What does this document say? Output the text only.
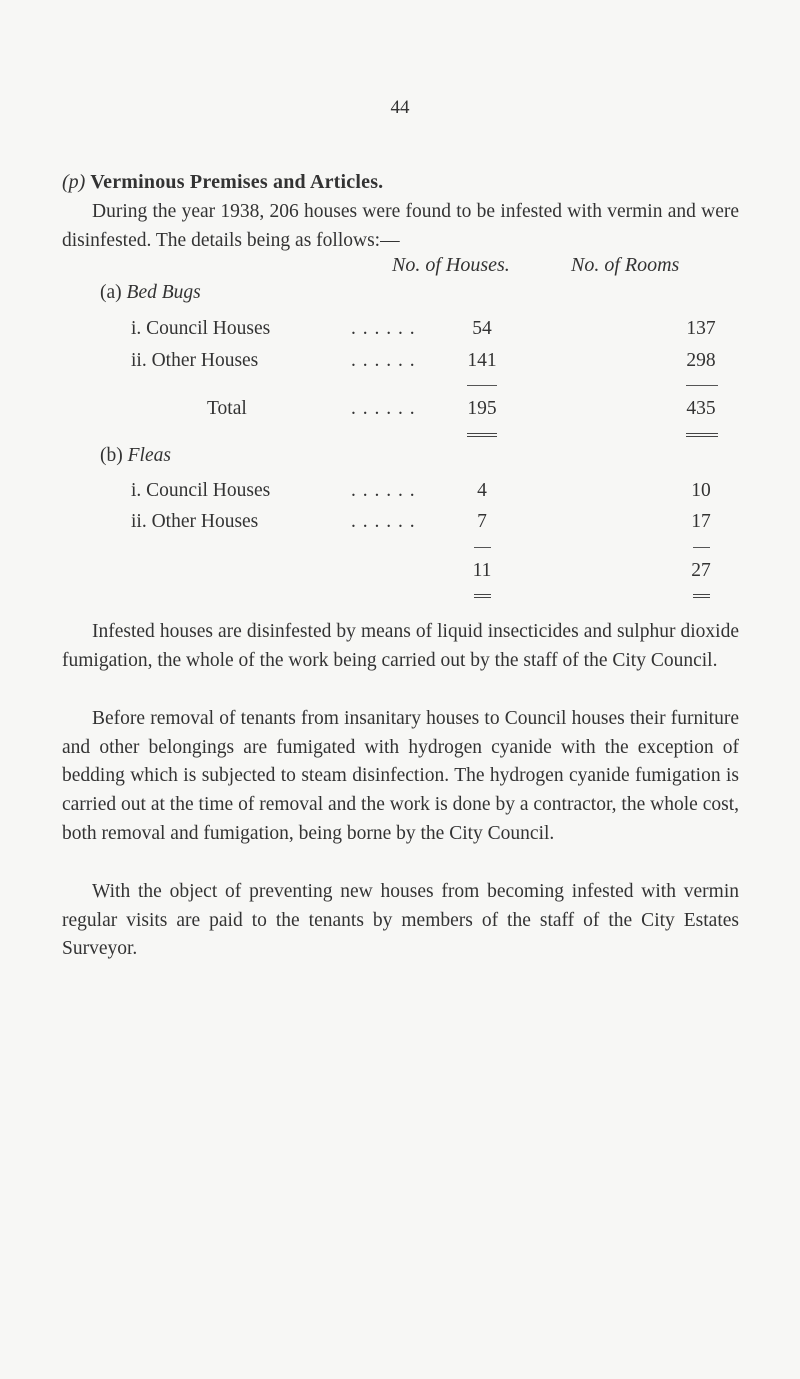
44
(p) Verminous Premises and Articles.

During the year 1938, 206 houses were found to be infested with vermin and were disinfested. The details being as follows:—

No. of Houses.	No. of Rooms
(a) Bed Bugs
i. Council Houses	. . . . . .	54	137
ii. Other Houses	. . . . . .	141	298
Total	. . . . . .	195	435
(b) Fleas
i. Council Houses	. . . . . .	4	10
ii. Other Houses	. . . . . .	7	17
11	27

Infested houses are disinfested by means of liquid insecticides and sulphur dioxide fumigation, the whole of the work being carried out by the staff of the City Council.

Before removal of tenants from insanitary houses to Council houses their furniture and other belongings are fumigated with hydrogen cyanide with the exception of bedding which is subjected to steam disinfection. The hydrogen cyanide fumigation is carried out at the time of removal and the work is done by a contractor, the whole cost, both removal and fumigation, being borne by the City Council.

With the object of preventing new houses from becoming infested with vermin regular visits are paid to the tenants by members of the staff of the City Estates Surveyor.
